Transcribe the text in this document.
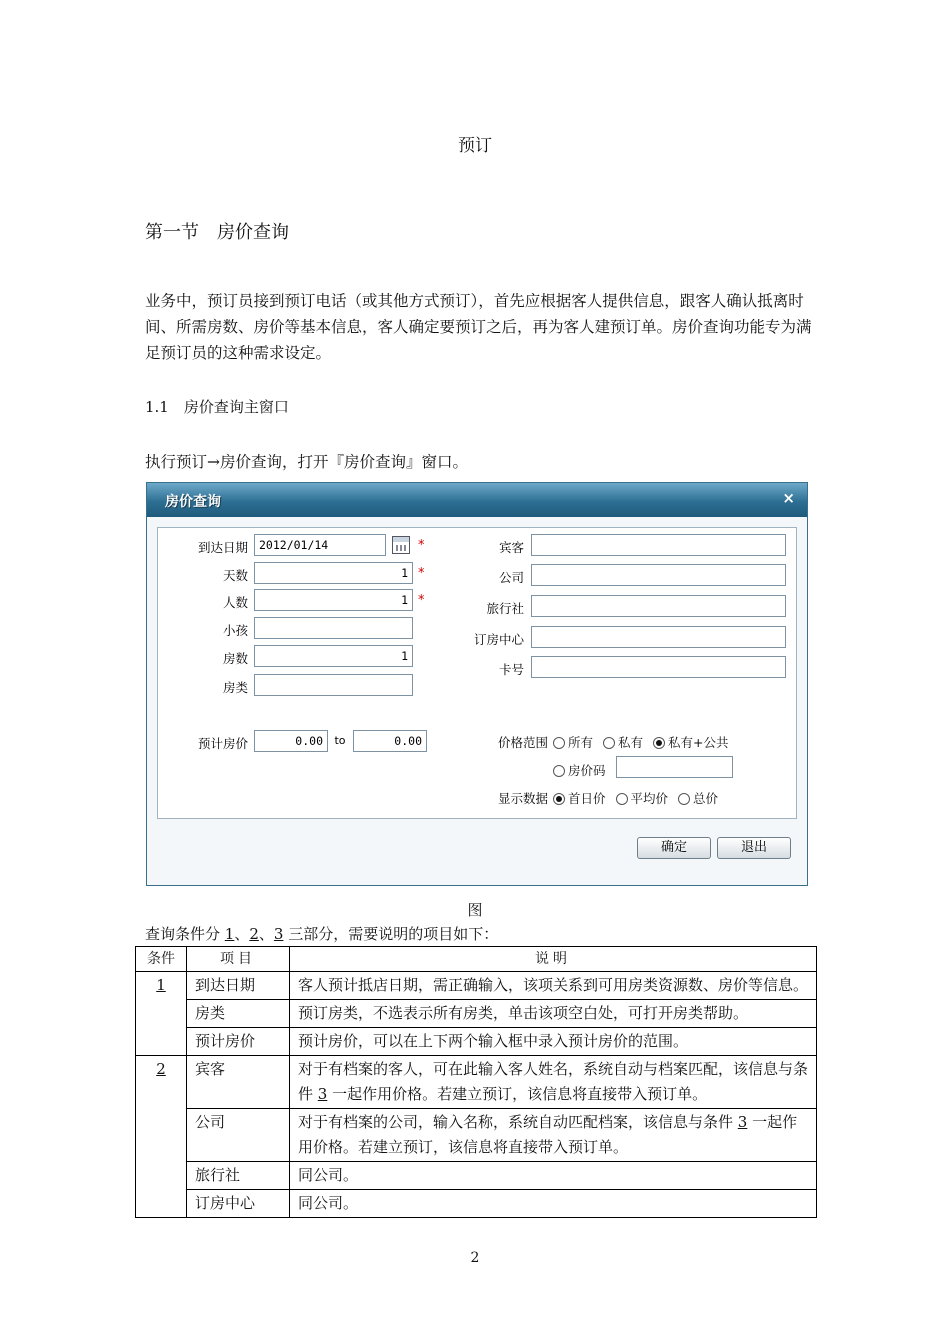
预订
第一节　房价查询
业务中，预订员接到预订电话（或其他方式预订），首先应根据客人提供信息，跟客人确认抵离时间、所需房数、房价等基本信息，客人确定要预订之后，再为客人建预订单。房价查询功能专为满足预订员的这种需求设定。
1.1　房价查询主窗口
执行预订→房价查询，打开『房价查询』窗口。
房价查询	×
到达日期 2012/01/14	*
天数	1 *
人数	1 *
小孩
房数	1
房类
宾客
公司
旅行社
订房中心
卡号
预计房价	0.00	to	0.00	价格范围	所有 私有 私有+公共
房价码
显示数据	首日价 平均价 总价
确定	退出
图
查询条件分 1、2、3 三部分，需要说明的项目如下：
条件	项目	说明
1	到达日期	客人预计抵店日期，需正确输入，该项关系到可用房类资源数、房价等信息。
	房类	预订房类，不选表示所有房类，单击该项空白处，可打开房类帮助。
	预计房价	预计房价，可以在上下两个输入框中录入预计房价的范围。
2	宾客	对于有档案的客人，可在此输入客人姓名，系统自动与档案匹配，该信息与条件 3 一起作用价格。若建立预订，该信息将直接带入预订单。
	公司	对于有档案的公司，输入名称，系统自动匹配档案，该信息与条件 3 一起作用价格。若建立预订，该信息将直接带入预订单。
	旅行社	同公司。
	订房中心	同公司。
2
